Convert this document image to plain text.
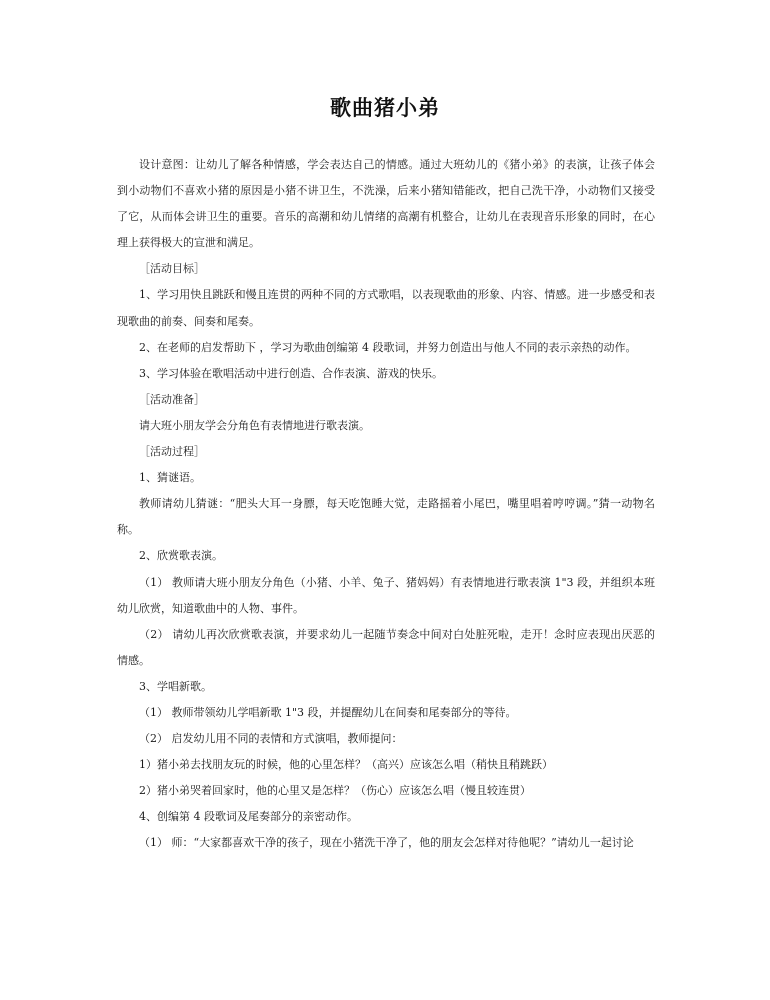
歌曲猪小弟

设计意图：让幼儿了解各种情感，学会表达自己的情感。通过大班幼儿的《猪小弟》的表演，让孩子体会到小动物们不喜欢小猪的原因是小猪不讲卫生，不洗澡，后来小猪知错能改，把自己洗干净，小动物们又接受了它，从而体会讲卫生的重要。音乐的高潮和幼儿情绪的高潮有机整合，让幼儿在表现音乐形象的同时，在心理上获得极大的宣泄和满足。

［活动目标］

1、学习用快且跳跃和慢且连贯的两种不同的方式歌唱，以表现歌曲的形象、内容、情感。进一步感受和表现歌曲的前奏、间奏和尾奏。

2、在老师的启发帮助下 ，学习为歌曲创编第 4 段歌词，并努力创造出与他人不同的表示亲热的动作。

3、学习体验在歌唱活动中进行创造、合作表演、游戏的快乐。

［活动准备］

请大班小朋友学会分角色有表情地进行歌表演。

［活动过程］

1、猜谜语。

教师请幼儿猜谜：“肥头大耳一身膘，每天吃饱睡大觉，走路摇着小尾巴，嘴里唱着哼哼调。”猜一动物名称。

2、欣赏歌表演。

（1） 教师请大班小朋友分角色（小猪、小羊、兔子、猪妈妈）有表情地进行歌表演 1"3 段，并组织本班幼儿欣赏，知道歌曲中的人物、事件。

（2） 请幼儿再次欣赏歌表演，并要求幼儿一起随节奏念中间对白处脏死啦，走开！念时应表现出厌恶的情感。

3、学唱新歌。

（1） 教师带领幼儿学唱新歌 1"3 段，并提醒幼儿在间奏和尾奏部分的等待。

（2） 启发幼儿用不同的表情和方式演唱，教师提问：

1）猪小弟去找朋友玩的时候，他的心里怎样？（高兴）应该怎么唱（稍快且稍跳跃）

2）猪小弟哭着回家时，他的心里又是怎样？（伤心）应该怎么唱（慢且较连贯）

4、创编第 4 段歌词及尾奏部分的亲密动作。

（1） 师：“大家都喜欢干净的孩子，现在小猪洗干净了，他的朋友会怎样对待他呢？”请幼儿一起讨论
